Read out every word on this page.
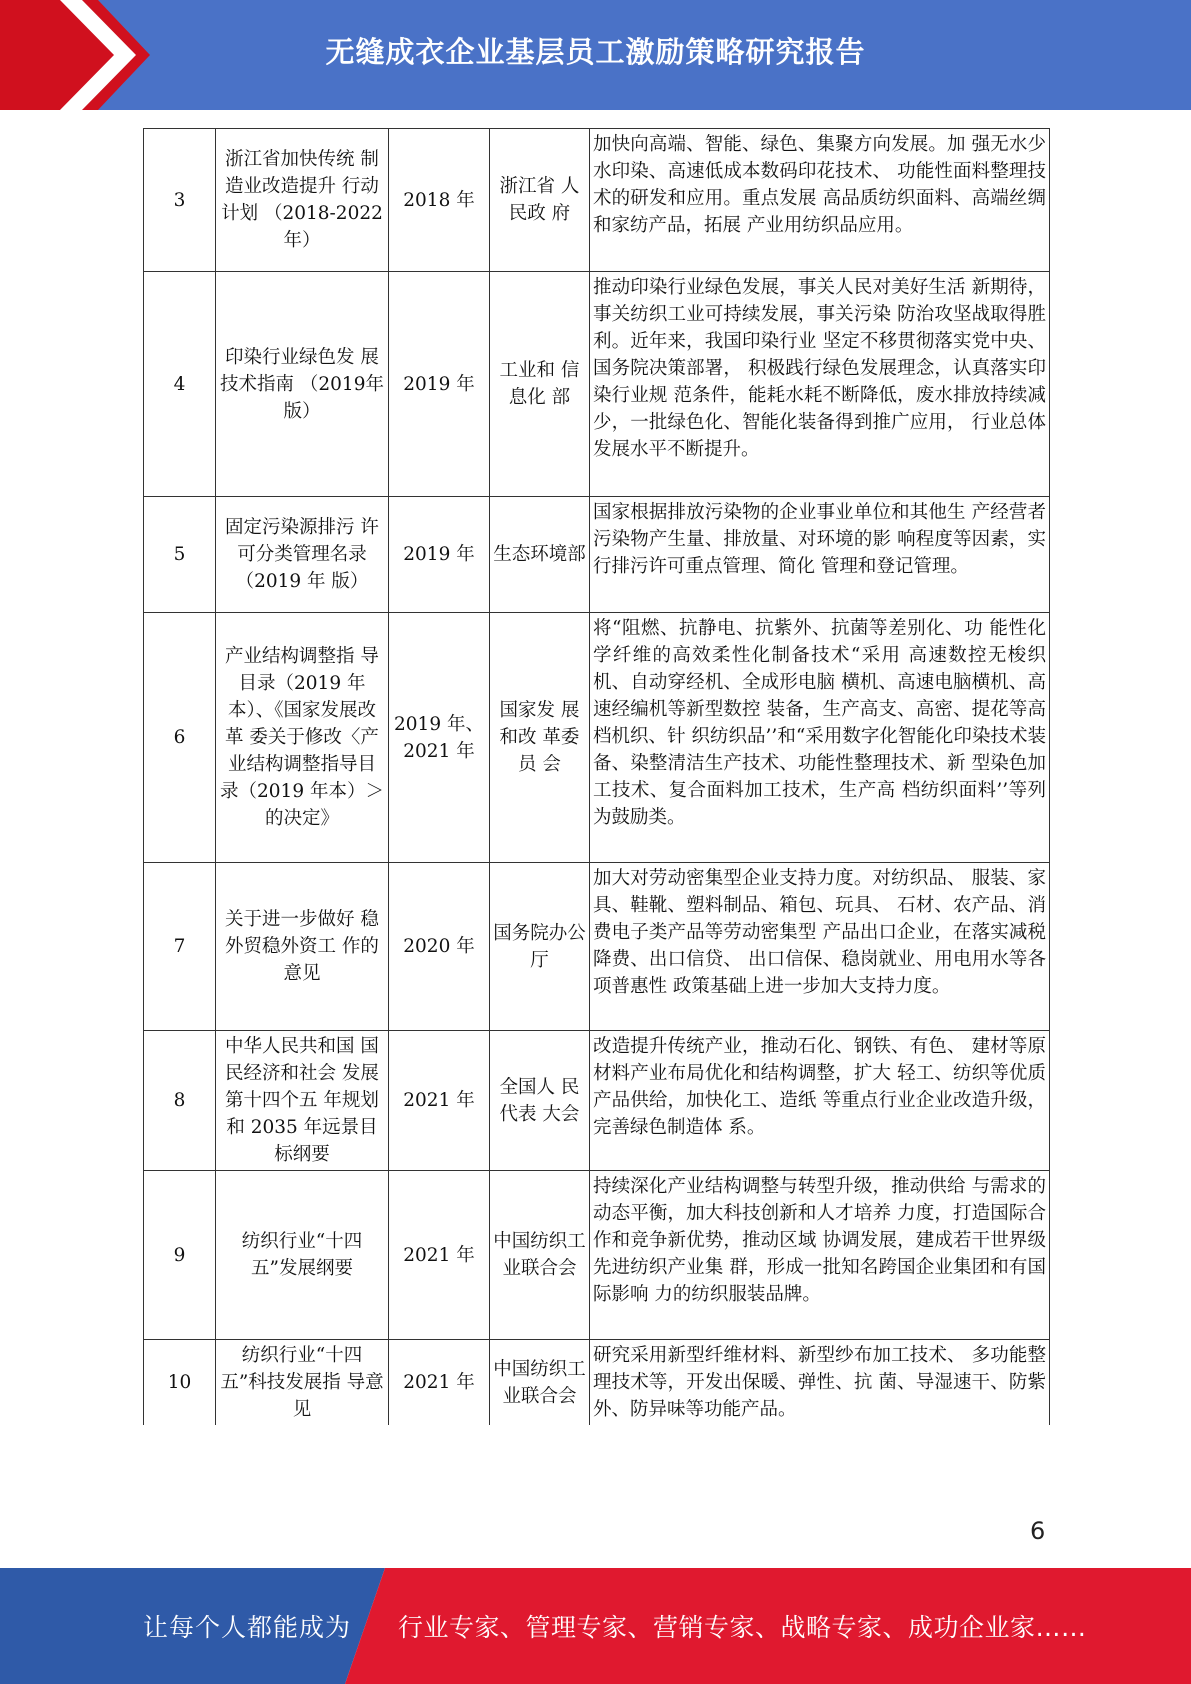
无缝成衣企业基层员工激励策略研究报告
3	浙江省加快传统 制造业改造提升 行动计划 （2018-2022年）	2018 年	浙江省 人民政 府	加快向高端、智能、绿色、集聚方向发展。加 强无水少水印染、高速低成本数码印花技术、 功能性面料整理技术的研发和应用。重点发展 高品质纺织面料、高端丝绸和家纺产品，拓展 产业用纺织品应用。
4	印染行业绿色发 展技术指南 （2019年版）	2019 年	工业和 信息化 部	推动印染行业绿色发展，事关人民对美好生活 新期待，事关纺织工业可持续发展，事关污染 防治攻坚战取得胜利。近年来，我国印染行业 坚定不移贯彻落实党中央、国务院决策部署， 积极践行绿色发展理念，认真落实印染行业规 范条件，能耗水耗不断降低，废水排放持续减 少，一批绿色化、智能化装备得到推广应用， 行业总体发展水平不断提升。
5	固定污染源排污 许可分类管理名录（2019 年 版）	2019 年	生态环境部	国家根据排放污染物的企业事业单位和其他生 产经营者污染物产生量、排放量、对环境的影 响程度等因素，实行排污许可重点管理、简化 管理和登记管理。
6	产业结构调整指 导目录（2019 年本）、《国家发展改革 委关于修改〈产 业结构调整指导目录（2019 年本）＞的决定》	2019 年、2021 年	国家发 展和改 革委员 会	将“阻燃、抗静电、抗紫外、抗菌等差别化、功 能性化学纤维的高效柔性化制备技术“采用 高速数控无梭织机、自动穿经机、全成形电脑 横机、高速电脑横机、高速经编机等新型数控 装备，生产高支、高密、提花等高档机织、针 织纺织品’’和“采用数字化智能化印染技术装 备、染整清洁生产技术、功能性整理技术、新 型染色加工技术、复合面料加工技术，生产高 档纺织面料’’等列为鼓励类。
7	关于进一步做好 稳外贸稳外资工 作的意见	2020 年	国务院办公厅	加大对劳动密集型企业支持力度。对纺织品、 服装、家具、鞋靴、塑料制品、箱包、玩具、 石材、农产品、消费电子类产品等劳动密集型 产品出口企业，在落实减税降费、出口信贷、 出口信保、稳岗就业、用电用水等各项普惠性 政策基础上进一步加大支持力度。
8	中华人民共和国 国民经济和社会 发展第十四个五 年规划和 2035 年远景目标纲要	2021 年	全国人 民代表 大会	改造提升传统产业，推动石化、钢铁、有色、 建材等原材料产业布局优化和结构调整，扩大 轻工、纺织等优质产品供给，加快化工、造纸 等重点行业企业改造升级，完善绿色制造体 系。
9	纺织行业“十四五”发展纲要	2021 年	中国纺织工业联合会	持续深化产业结构调整与转型升级，推动供给 与需求的动态平衡，加大科技创新和人才培养 力度，打造国际合作和竞争新优势，推动区域 协调发展，建成若干世界级先进纺织产业集 群，形成一批知名跨国企业集团和有国际影响 力的纺织服装品牌。
10	纺织行业“十四五”科技发展指 导意见	2021 年	中国纺织工业联合会	研究采用新型纤维材料、新型纱布加工技术、 多功能整理技术等，开发出保暖、弹性、抗 菌、导湿速干、防紫外、防异味等功能产品。
6
让每个人都能成为 行业专家、管理专家、营销专家、战略专家、成功企业家……
